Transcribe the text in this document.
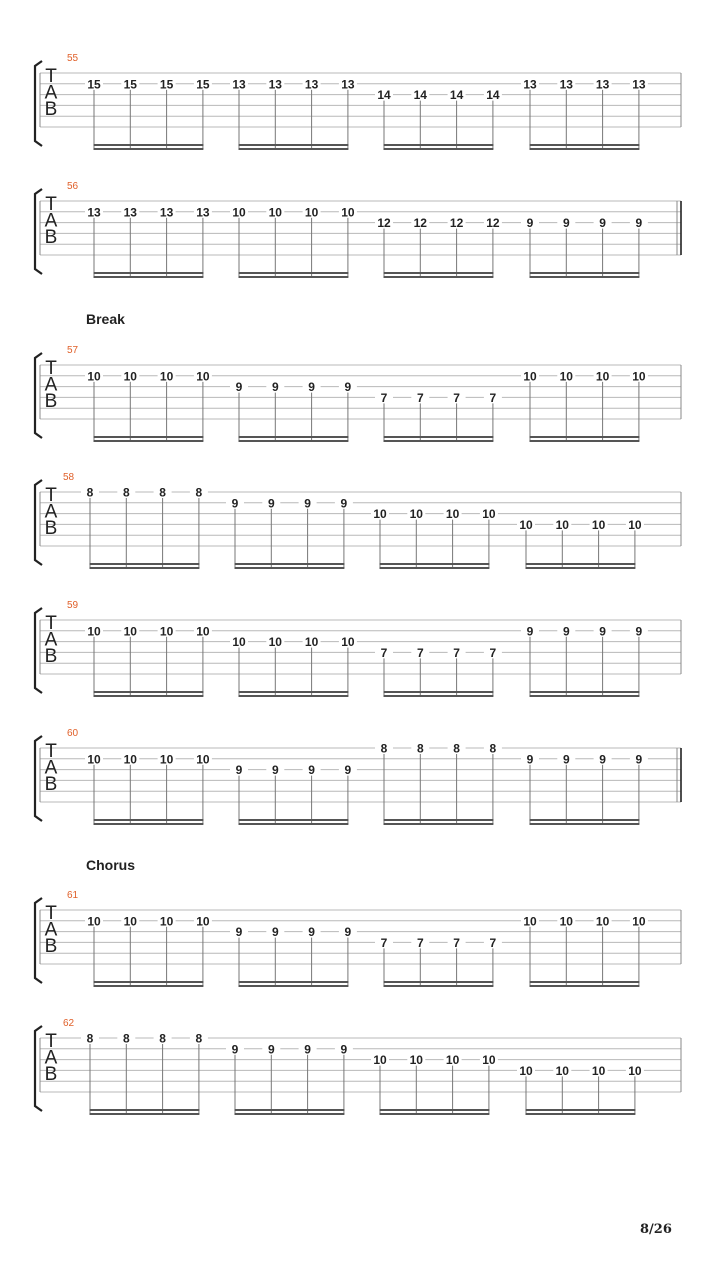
T
A
B
55
15 15 15 15 13 13 13 13
14 14 14 14
13 13 13 13
T
A
B
56
13 13 13 13 10 10 10 10
12 12 12 12 9 9 9 9
T
A
B
57
10 10 10 10
9 9 9 9
7 7 7 7
10 10 10 10
T
A
B
58
8 8 8 8
9 9 9 9
10 10 10 10
10 10 10 10
T
A
B
59
10 10 10 10
10 10 10 10
7 7 7 7
9 9 9 9
T
A
B
60
10 10 10 10
9 9 9 9
8 8 8 8
9 9 9 9
T
A
B
61
10 10 10 10
9 9 9 9
7 7 7 7
10 10 10 10
T
A
B
62
8 8 8 8
9 9 9 9
10 10 10 10
10 10 10 10
Break
Chorus
8/26
